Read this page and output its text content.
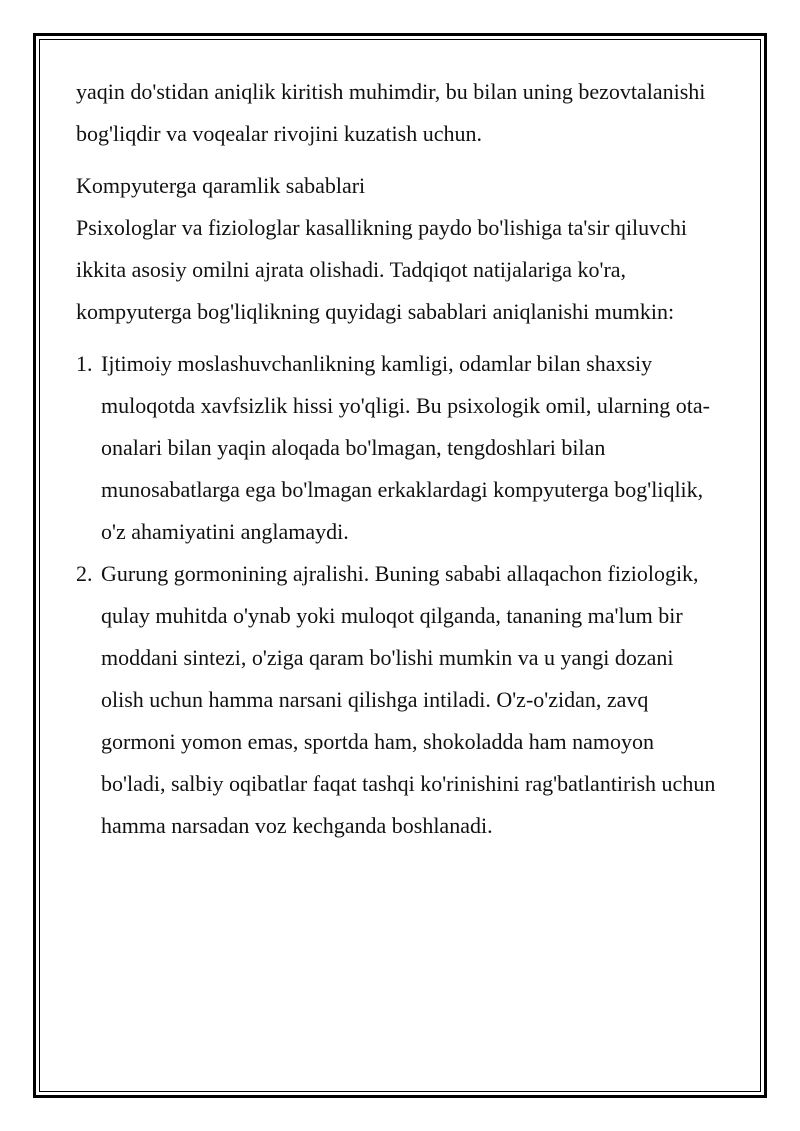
yaqin do'stidan aniqlik kiritish muhimdir, bu bilan uning bezovtalanishi bog'liqdir va voqealar rivojini kuzatish uchun.

Kompyuterga qaramlik sabablari

Psixologlar va fiziologlar kasallikning paydo bo'lishiga ta'sir qiluvchi ikkita asosiy omilni ajrata olishadi. Tadqiqot natijalariga ko'ra, kompyuterga bog'liqlikning quyidagi sabablari aniqlanishi mumkin:

1. Ijtimoiy moslashuvchanlikning kamligi, odamlar bilan shaxsiy muloqotda xavfsizlik hissi yo'qligi. Bu psixologik omil, ularning ota-onalari bilan yaqin aloqada bo'lmagan, tengdoshlari bilan munosabatlarga ega bo'lmagan erkaklardagi kompyuterga bog'liqlik, o'z ahamiyatini anglamaydi.
2. Gurung gormonining ajralishi. Buning sababi allaqachon fiziologik, qulay muhitda o'ynab yoki muloqot qilganda, tananing ma'lum bir moddani sintezi, o'ziga qaram bo'lishi mumkin va u yangi dozani olish uchun hamma narsani qilishga intiladi. O'z-o'zidan, zavq gormoni yomon emas, sportda ham, shokoladda ham namoyon bo'ladi, salbiy oqibatlar faqat tashqi ko'rinishini rag'batlantirish uchun hamma narsadan voz kechganda boshlanadi.
